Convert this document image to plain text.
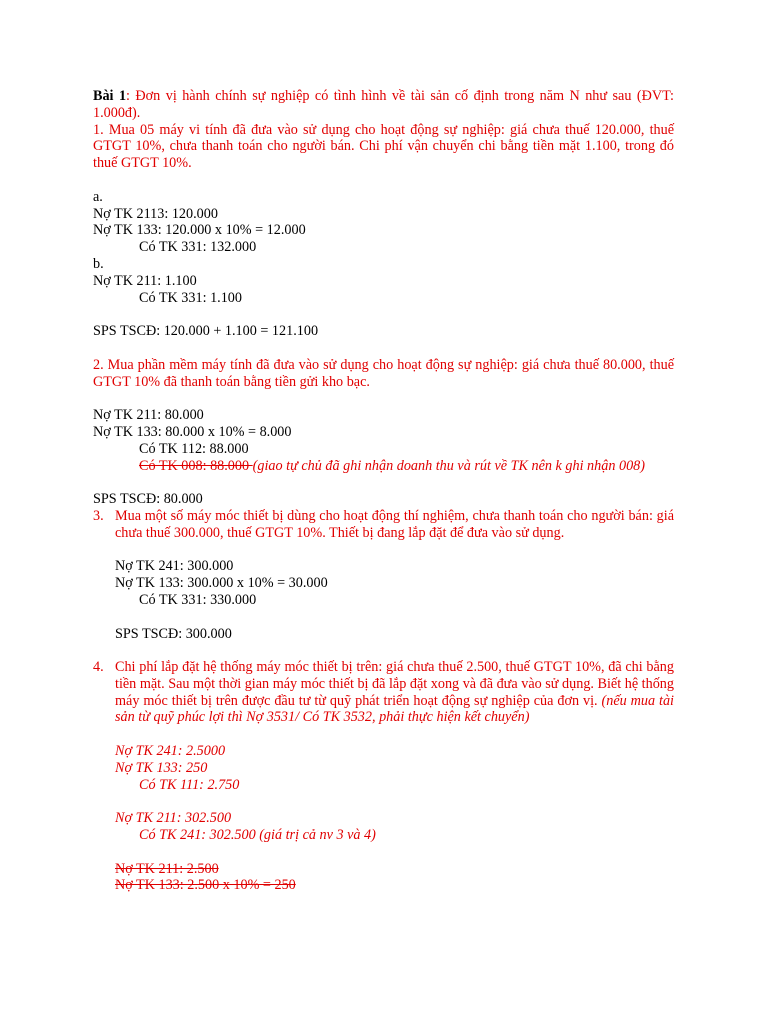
Bài 1: Đơn vị hành chính sự nghiệp có tình hình về tài sản cố định trong năm N như sau (ĐVT: 1.000đ).

1. Mua 05 máy vi tính đã đưa vào sử dụng cho hoạt động sự nghiệp: giá chưa thuế 120.000, thuế GTGT 10%, chưa thanh toán cho người bán. Chi phí vận chuyển chi bằng tiền mặt 1.100, trong đó thuế GTGT 10%.

a.

Nợ TK 2113: 120.000

Nợ TK 133: 120.000 x 10% = 12.000

Có TK 331: 132.000

b.

Nợ TK 211: 1.100

Có TK 331: 1.100

SPS TSCĐ: 120.000 + 1.100 = 121.100

2. Mua phần mềm máy tính đã đưa vào sử dụng cho hoạt động sự nghiệp: giá chưa thuế 80.000, thuế GTGT 10% đã thanh toán bằng tiền gửi kho bạc.

Nợ TK 211: 80.000

Nợ TK 133: 80.000 x 10% = 8.000

Có TK 112: 88.000

Có TK 008: 88.000 (giao tự chủ đã ghi nhận doanh thu và rút về TK nên k ghi nhận 008)

SPS TSCĐ: 80.000

3. Mua một số máy móc thiết bị dùng cho hoạt động thí nghiệm, chưa thanh toán cho người bán: giá chưa thuế 300.000, thuế GTGT 10%. Thiết bị đang lắp đặt để đưa vào sử dụng.

Nợ TK 241: 300.000

Nợ TK 133: 300.000 x 10% = 30.000

Có TK 331: 330.000

SPS TSCĐ: 300.000

4. Chi phí lắp đặt hệ thống máy móc thiết bị trên: giá chưa thuế 2.500, thuế GTGT 10%, đã chi bằng tiền mặt. Sau một thời gian máy móc thiết bị đã lắp đặt xong và đã đưa vào sử dụng. Biết hệ thống máy móc thiết bị trên được đầu tư từ quỹ phát triển hoạt động sự nghiệp của đơn vị. (nếu mua tài sản từ quỹ phúc lợi thì Nợ 3531/ Có TK 3532, phải thực hiện kết chuyển)

Nợ TK 241: 2.5000

Nợ TK 133: 250

Có TK 111: 2.750

Nợ TK 211: 302.500

Có TK 241: 302.500 (giá trị cả nv 3 và 4)

Nợ TK 211: 2.500

Nợ TK 133: 2.500 x 10% = 250
